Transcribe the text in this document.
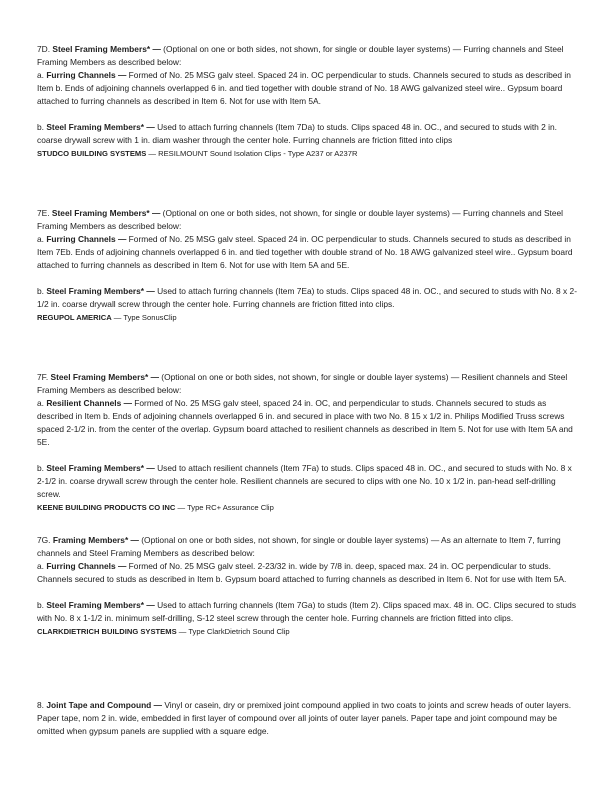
7D. Steel Framing Members* — (Optional on one or both sides, not shown, for single or double layer systems) — Furring channels and Steel Framing Members as described below:

a. Furring Channels — Formed of No. 25 MSG galv steel. Spaced 24 in. OC perpendicular to studs. Channels secured to studs as described in Item b. Ends of adjoining channels overlapped 6 in. and tied together with double strand of No. 18 AWG galvanized steel wire.. Gypsum board attached to furring channels as described in Item 6. Not for use with Item 5A.

b. Steel Framing Members* — Used to attach furring channels (Item 7Da) to studs. Clips spaced 48 in. OC., and secured to studs with 2 in. coarse drywall screw with 1 in. diam washer through the center hole. Furring channels are friction fitted into clips

STUDCO BUILDING SYSTEMS — RESILMOUNT Sound Isolation Clips - Type A237 or A237R

7E. Steel Framing Members* — (Optional on one or both sides, not shown, for single or double layer systems) — Furring channels and Steel Framing Members as described below:

a. Furring Channels — Formed of No. 25 MSG galv steel. Spaced 24 in. OC perpendicular to studs. Channels secured to studs as described in Item 7Eb. Ends of adjoining channels overlapped 6 in. and tied together with double strand of No. 18 AWG galvanized steel wire.. Gypsum board attached to furring channels as described in Item 6. Not for use with Item 5A and 5E.

b. Steel Framing Members* — Used to attach furring channels (Item 7Ea) to studs. Clips spaced 48 in. OC., and secured to studs with No. 8 x 2-1/2 in. coarse drywall screw through the center hole. Furring channels are friction fitted into clips.

REGUPOL AMERICA — Type SonusClip

7F. Steel Framing Members* — (Optional on one or both sides, not shown, for single or double layer systems) — Resilient channels and Steel Framing Members as described below:

a. Resilient Channels — Formed of No. 25 MSG galv steel, spaced 24 in. OC, and perpendicular to studs. Channels secured to studs as described in Item b. Ends of adjoining channels overlapped 6 in. and secured in place with two No. 8 15 x 1/2 in. Philips Modified Truss screws spaced 2-1/2 in. from the center of the overlap. Gypsum board attached to resilient channels as described in Item 5. Not for use with Item 5A and 5E.

b. Steel Framing Members* — Used to attach resilient channels (Item 7Fa) to studs. Clips spaced 48 in. OC., and secured to studs with No. 8 x 2-1/2 in. coarse drywall screw through the center hole. Resilient channels are secured to clips with one No. 10 x 1/2 in. pan-head self-drilling screw.

KEENE BUILDING PRODUCTS CO INC — Type RC+ Assurance Clip

7G. Framing Members* — (Optional on one or both sides, not shown, for single or double layer systems) — As an alternate to Item 7, furring channels and Steel Framing Members as described below:

a. Furring Channels — Formed of No. 25 MSG galv steel. 2-23/32 in. wide by 7/8 in. deep, spaced max. 24 in. OC perpendicular to studs. Channels secured to studs as described in Item b. Gypsum board attached to furring channels as described in Item 6. Not for use with Item 5A.

b. Steel Framing Members* — Used to attach furring channels (Item 7Ga) to studs (Item 2). Clips spaced max. 48 in. OC. Clips secured to studs with No. 8 x 1-1/2 in. minimum self-drilling, S-12 steel screw through the center hole. Furring channels are friction fitted into clips.

CLARKDIETRICH BUILDING SYSTEMS — Type ClarkDietrich Sound Clip

8. Joint Tape and Compound — Vinyl or casein, dry or premixed joint compound applied in two coats to joints and screw heads of outer layers. Paper tape, nom 2 in. wide, embedded in first layer of compound over all joints of outer layer panels. Paper tape and joint compound may be omitted when gypsum panels are supplied with a square edge.
